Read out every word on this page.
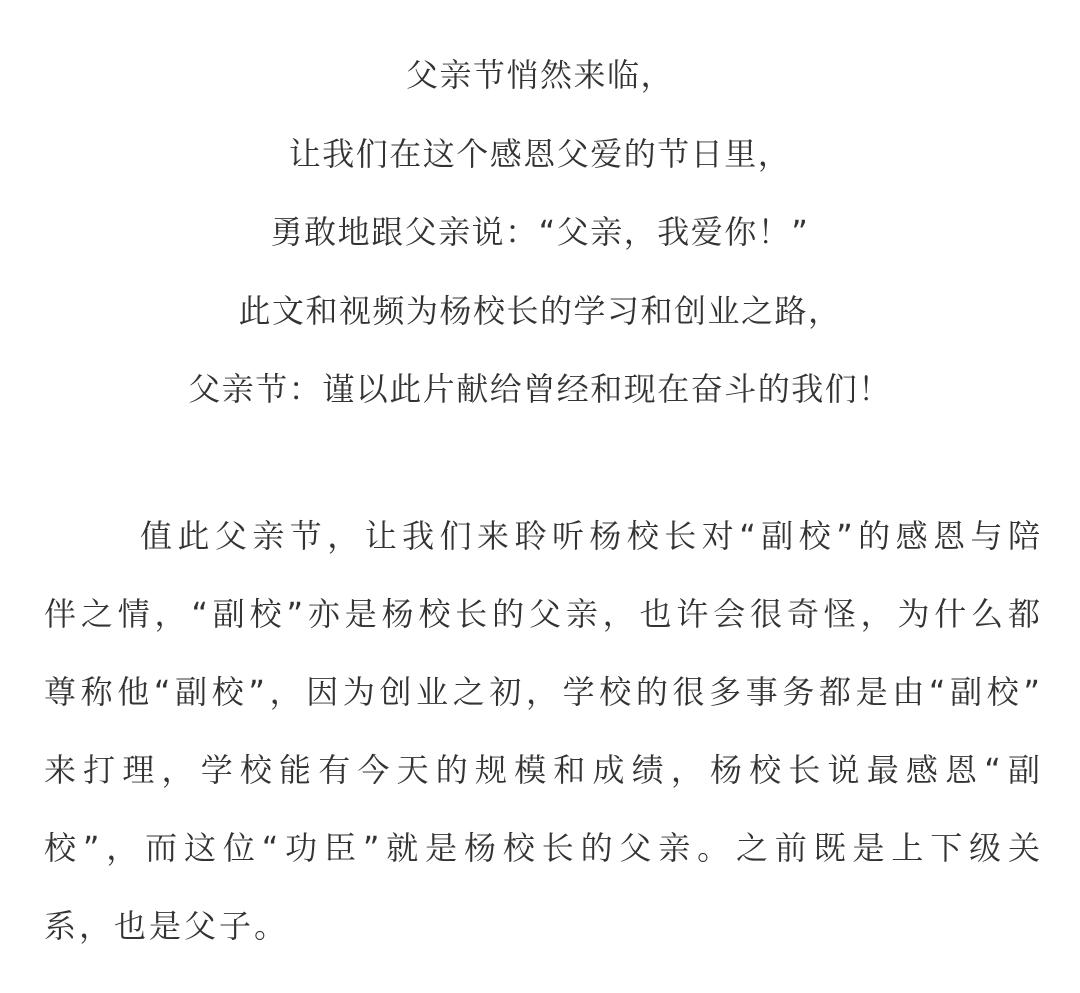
父亲节悄然来临，
让我们在这个感恩父爱的节日里，
勇敢地跟父亲说：“父亲，我爱你！”
此文和视频为杨校长的学习和创业之路，
父亲节：谨以此片献给曾经和现在奋斗的我们！
值此父亲节，让我们来聆听杨校长对“副校”的感恩与陪
伴之情，“副校”亦是杨校长的父亲，也许会很奇怪，为什么都
尊称他“副校”，因为创业之初，学校的很多事务都是由“副校”
来打理，学校能有今天的规模和成绩，杨校长说最感恩“副
校”，而这位“功臣”就是杨校长的父亲。之前既是上下级关
系，也是父子。
